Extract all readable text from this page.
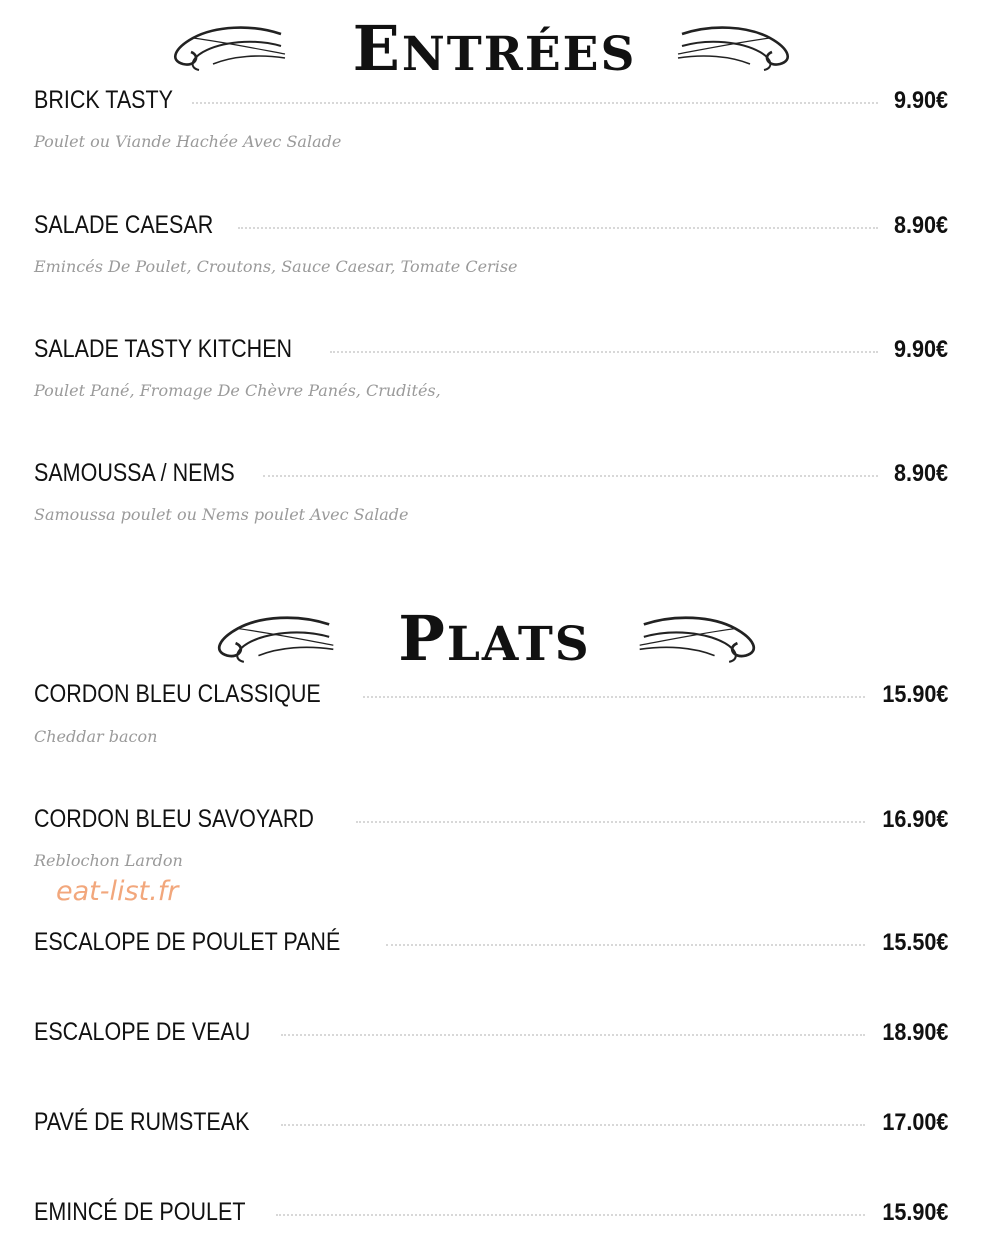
ENTRÉES
BRICK TASTY	9.90€
Poulet ou Viande Hachée Avec Salade
SALADE CAESAR	8.90€
Emincés De Poulet, Croutons, Sauce Caesar, Tomate Cerise
SALADE TASTY KITCHEN	9.90€
Poulet Pané, Fromage De Chèvre Panés, Crudités,
SAMOUSSA / NEMS	8.90€
Samoussa poulet ou Nems poulet Avec Salade
PLATS
CORDON BLEU CLASSIQUE	15.90€
Cheddar bacon
CORDON BLEU SAVOYARD	16.90€
Reblochon Lardon
eat-list.fr
ESCALOPE DE POULET PANÉ	15.50€
ESCALOPE DE VEAU	18.90€
PAVÉ DE RUMSTEAK	17.00€
EMINCÉ DE POULET	15.90€
